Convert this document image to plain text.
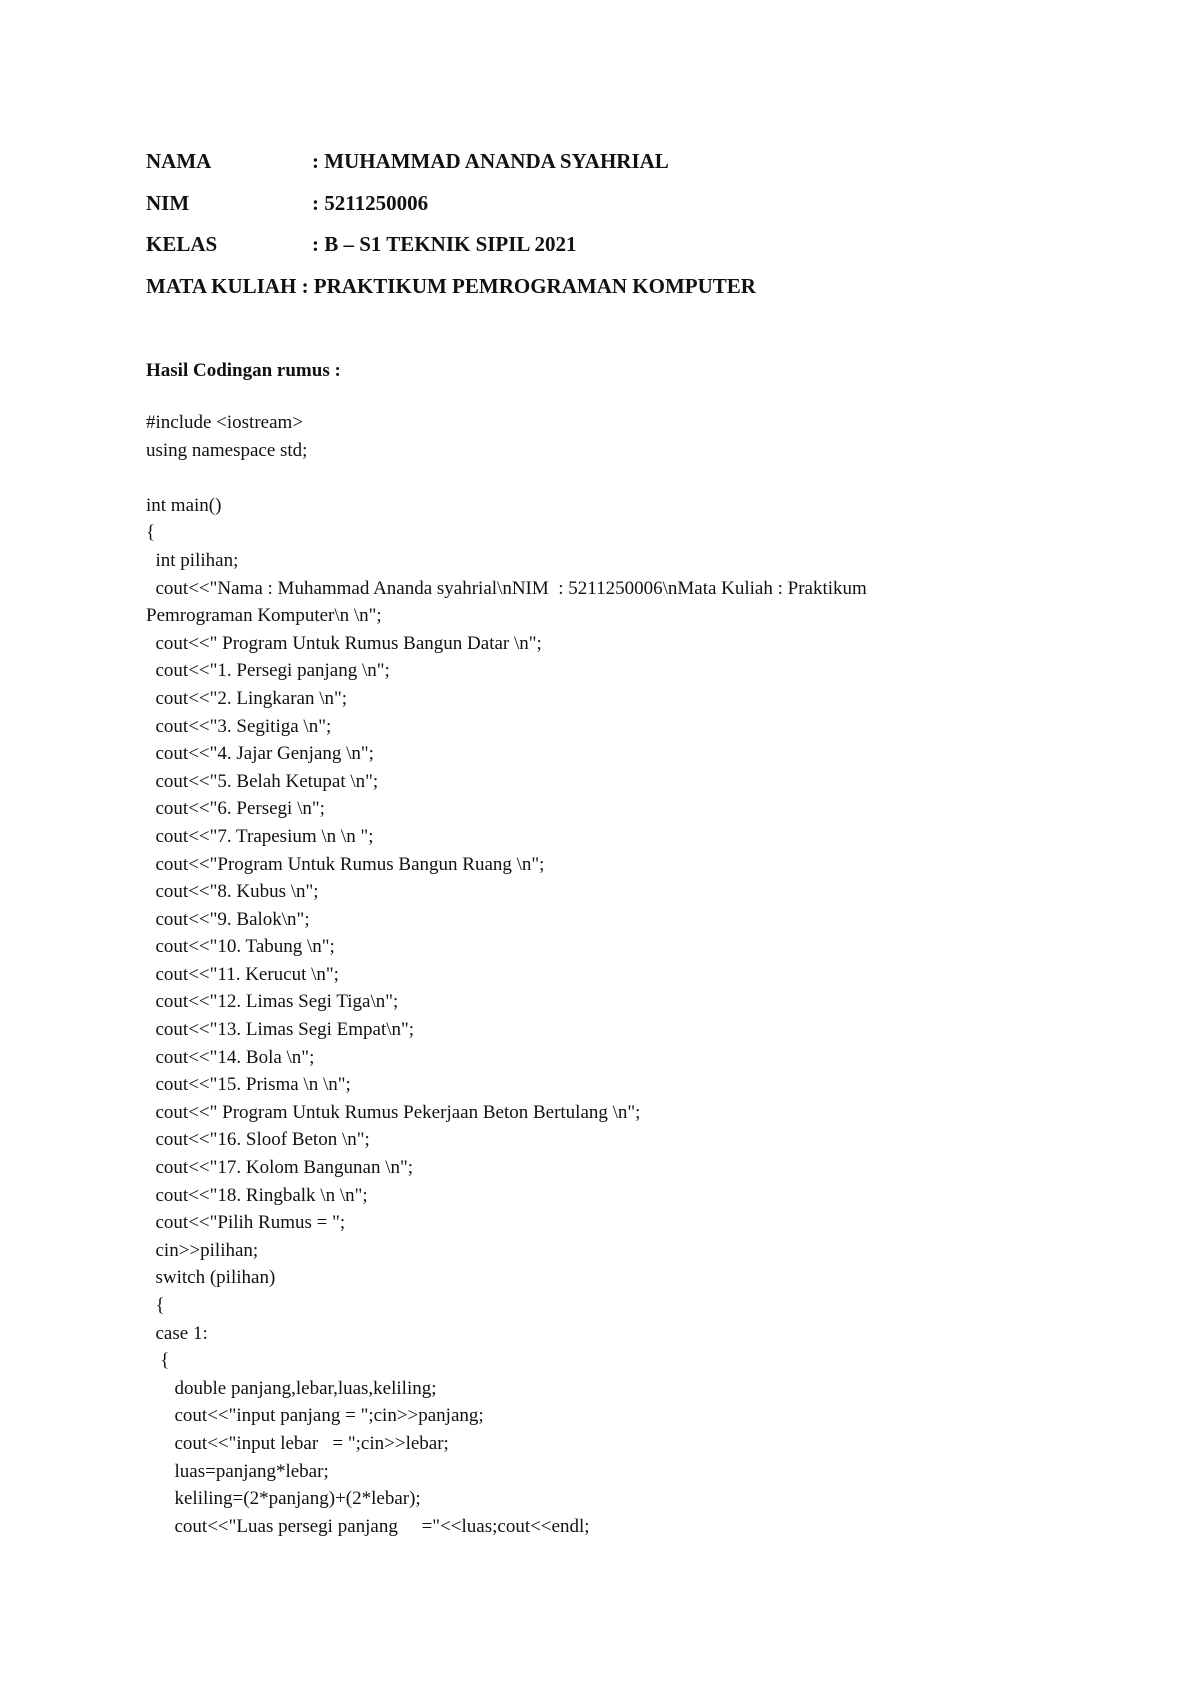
NAMA	: MUHAMMAD ANANDA SYAHRIAL
NIM	: 5211250006
KELAS	: B – S1 TEKNIK SIPIL 2021
MATA KULIAH : PRAKTIKUM PEMROGRAMAN KOMPUTER
Hasil Codingan rumus :
#include <iostream>
using namespace std;
int main()
{
int pilihan;
cout<<"Nama : Muhammad Ananda syahrial\nNIM  : 5211250006\nMata Kuliah : Praktikum
Pemrograman Komputer\n \n";
cout<<" Program Untuk Rumus Bangun Datar \n";
cout<<"1. Persegi panjang \n";
cout<<"2. Lingkaran \n";
cout<<"3. Segitiga \n";
cout<<"4. Jajar Genjang \n";
cout<<"5. Belah Ketupat \n";
cout<<"6. Persegi \n";
cout<<"7. Trapesium \n \n ";
cout<<"Program Untuk Rumus Bangun Ruang \n";
cout<<"8. Kubus \n";
cout<<"9. Balok\n";
cout<<"10. Tabung \n";
cout<<"11. Kerucut \n";
cout<<"12. Limas Segi Tiga\n";
cout<<"13. Limas Segi Empat\n";
cout<<"14. Bola \n";
cout<<"15. Prisma \n \n";
cout<<" Program Untuk Rumus Pekerjaan Beton Bertulang \n";
cout<<"16. Sloof Beton \n";
cout<<"17. Kolom Bangunan \n";
cout<<"18. Ringbalk \n \n";
cout<<"Pilih Rumus = ";
cin>>pilihan;
switch (pilihan)
{
case 1:
{
double panjang,lebar,luas,keliling;
cout<<"input panjang = ";cin>>panjang;
cout<<"input lebar   = ";cin>>lebar;
luas=panjang*lebar;
keliling=(2*panjang)+(2*lebar);
cout<<"Luas persegi panjang     ="<<luas;cout<<endl;
